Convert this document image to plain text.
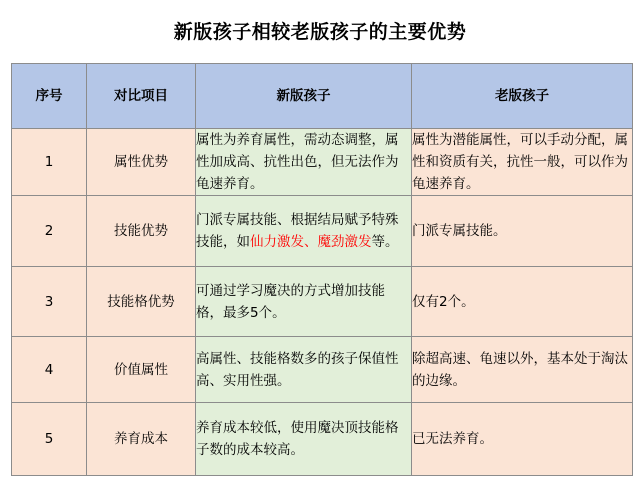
新版孩子相较老版孩子的主要优势
序号	对比项目	新版孩子	老版孩子
1	属性优势	属性为养育属性，需动态调整，属性加成高、抗性出色，但无法作为龟速养育。	属性为潜能属性，可以手动分配，属性和资质有关，抗性一般，可以作为龟速养育。
2	技能优势	门派专属技能、根据结局赋予特殊技能，如仙力激发、魔劲激发等。	门派专属技能。
3	技能格优势	可通过学习魔决的方式增加技能格，最多5个。	仅有2个。
4	价值属性	高属性、技能格数多的孩子保值性高、实用性强。	除超高速、龟速以外，基本处于淘汰的边缘。
5	养育成本	养育成本较低，使用魔决顶技能格子数的成本较高。	已无法养育。
